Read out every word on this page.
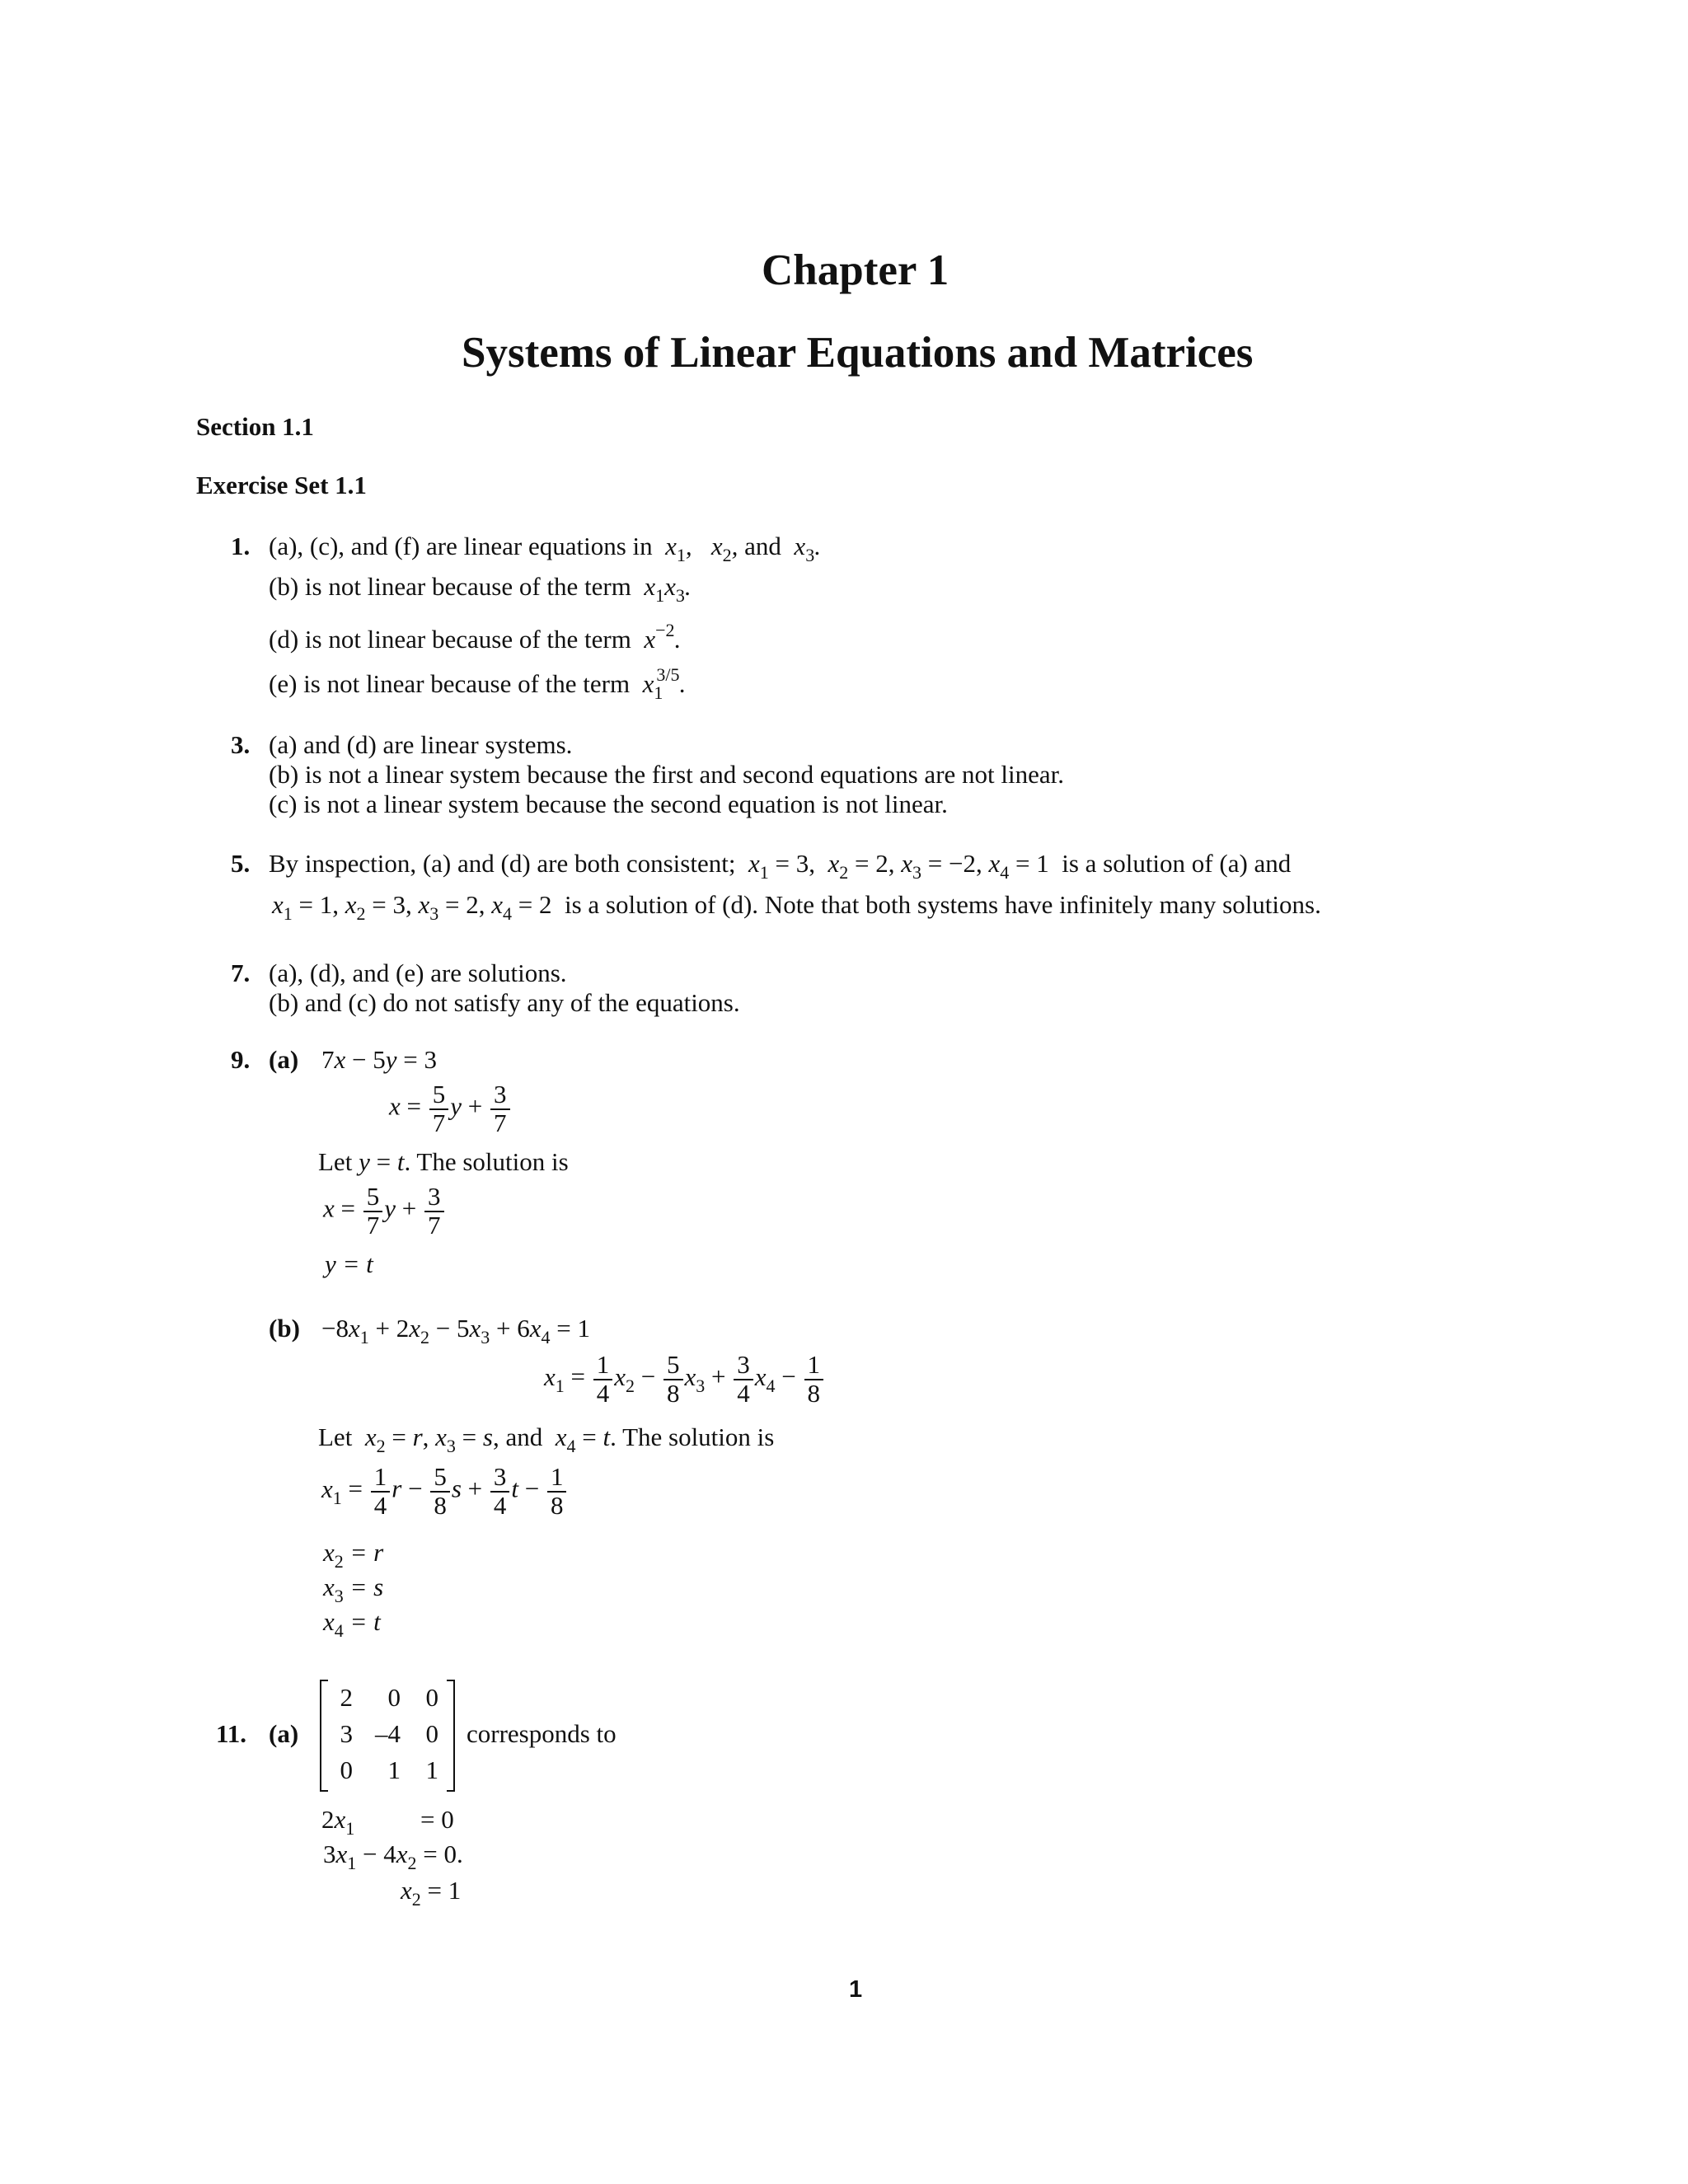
Chapter 1
Systems of Linear Equations and Matrices
Section 1.1
Exercise Set 1.1
1. (a), (c), and (f) are linear equations in  $x_1$,   $x_2$, and  $x_3$.
(b) is not linear because of the term  $x_1x_3$.
(d) is not linear because of the term  $x^{-2}$.
(e) is not linear because of the term  $x_1^{3/5}$.
3. (a) and (d) are linear systems.
(b) is not a linear system because the first and second equations are not linear.
(c) is not a linear system because the second equation is not linear.
5. By inspection, (a) and (d) are both consistent;  $x_1 = 3$,  $x_2 = 2$, $x_3 = -2$, $x_4 = 1$ is a solution of (a) and
$x_1 = 1$, $x_2 = 3$, $x_3 = 2$, $x_4 = 2$ is a solution of (d). Note that both systems have infinitely many solutions.
7. (a), (d), and (e) are solutions.
(b) and (c) do not satisfy any of the equations.
9. (a) 7x − 5y = 3
$x = \frac{5}{7}$ $y + \frac{3}{7}$
Let y = t. The solution is
$x = \frac{5}{7}$ $y + \frac{3}{7}$
y = t
$(b) -8x_1 + 2x_2 - 5x_3 + 6x_4 = 1$
$x_1 = \frac{1}{4} x_2 - \frac{5}{8} x_3 + \frac{3}{4} x_4 - \frac{1}{8}$
Let  $x_2 = r$, $x_3 = s$, and  $x_4 = t$. The solution is
$x_1 = \frac{1}{4}$ $r - \frac{5}{8}$ $s + \frac{3}{4}$ $t - \frac{1}{8}$
$x_2 = r$
$x_3 = s$
$x_4 = t$
11. (a)
2	0 0
3 –4 0
0	1 1
corresponds to
$2x_1$	= 0
$3x_1 - 4x_2 = 0$.
$x_2 = 1$
1
